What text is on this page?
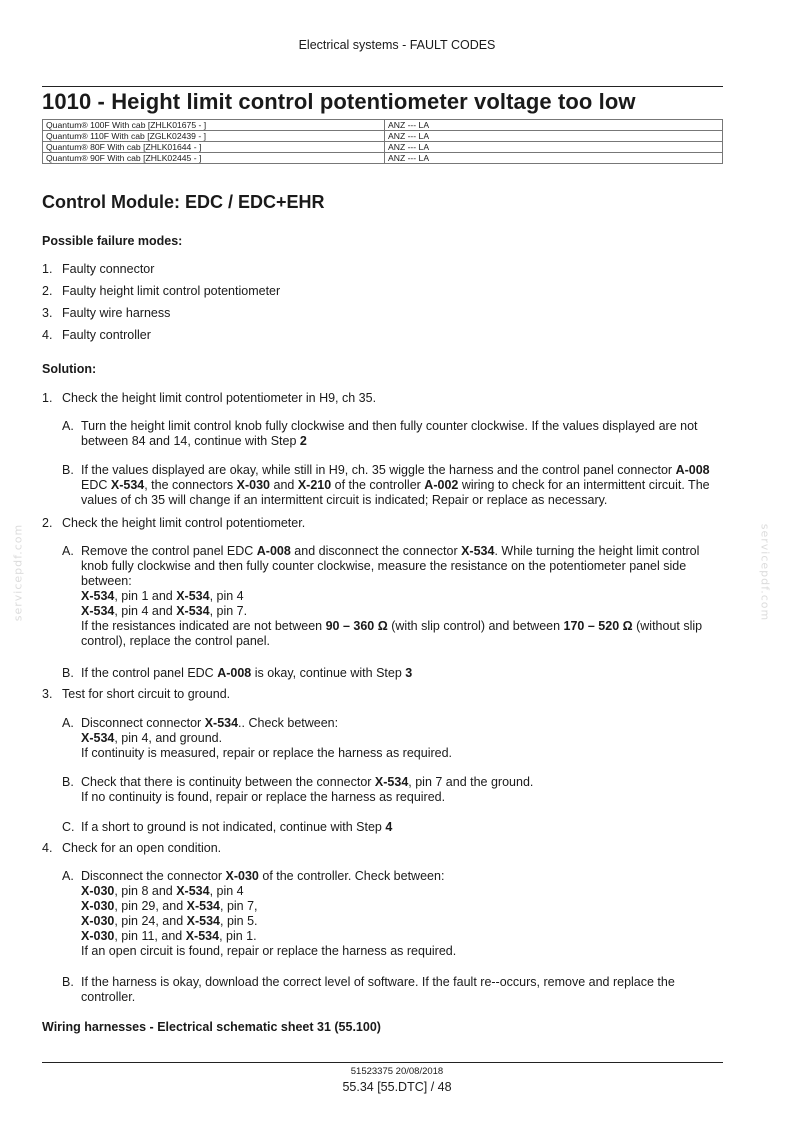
Electrical systems - FAULT CODES
1010 - Height limit control potentiometer voltage too low
Quantum® 100F With cab [ZHLK01675 - ]	ANZ --- LA
Quantum® 110F With cab [ZGLK02439 - ]	ANZ --- LA
Quantum® 80F With cab [ZHLK01644 - ]	ANZ --- LA
Quantum® 90F With cab [ZHLK02445 - ]	ANZ --- LA
Control Module: EDC / EDC+EHR
Possible failure modes:
1. Faulty connector
2. Faulty height limit control potentiometer
3. Faulty wire harness
4. Faulty controller
Solution:
1. Check the height limit control potentiometer in H9, ch 35.
A. Turn the height limit control knob fully clockwise and then fully counter clockwise. If the values displayed are not between 84 and 14, continue with Step 2
B. If the values displayed are okay, while still in H9, ch. 35 wiggle the harness and the control panel connector A-008 EDC X-534, the connectors X-030 and X-210 of the controller A-002 wiring to check for an intermittent circuit. The values of ch 35 will change if an intermittent circuit is indicated; Repair or replace as necessary.
2. Check the height limit control potentiometer.
A. Remove the control panel EDC A-008 and disconnect the connector X-534. While turning the height limit control knob fully clockwise and then fully counter clockwise, measure the resistance on the potentiometer panel side between:
X-534, pin 1 and X-534, pin 4
X-534, pin 4 and X-534, pin 7.
If the resistances indicated are not between 90 – 360 Ω (with slip control) and between 170 – 520 Ω (without slip control), replace the control panel.
B. If the control panel EDC A-008 is okay, continue with Step 3
3. Test for short circuit to ground.
A. Disconnect connector X-534.. Check between:
X-534, pin 4, and ground.
If continuity is measured, repair or replace the harness as required.
B. Check that there is continuity between the connector X-534, pin 7 and the ground.
If no continuity is found, repair or replace the harness as required.
C. If a short to ground is not indicated, continue with Step 4
4. Check for an open condition.
A. Disconnect the connector X-030 of the controller. Check between:
X-030, pin 8 and X-534, pin 4
X-030, pin 29, and X-534, pin 7,
X-030, pin 24, and X-534, pin 5.
X-030, pin 11, and X-534, pin 1.
If an open circuit is found, repair or replace the harness as required.
B. If the harness is okay, download the correct level of software. If the fault re--occurs, remove and replace the controller.
Wiring harnesses - Electrical schematic sheet 31 (55.100)
servicepdf.com	servicepdf.com
51523375 20/08/2018
55.34 [55.DTC] / 48
